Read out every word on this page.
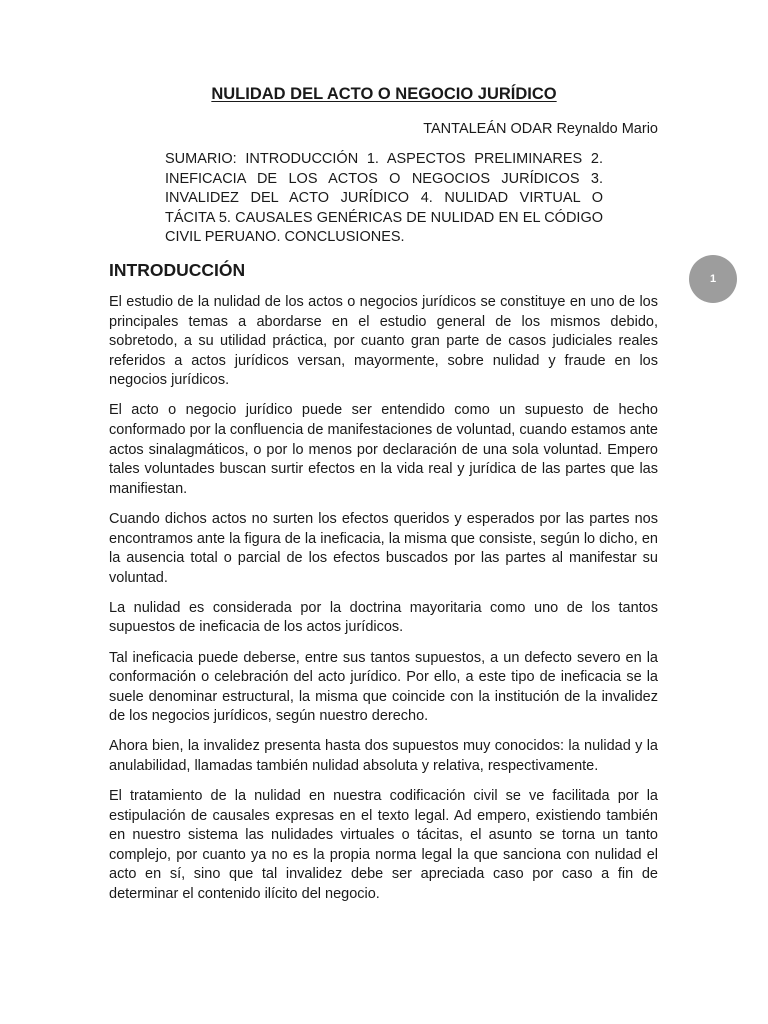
NULIDAD DEL ACTO O NEGOCIO JURÍDICO

TANTALEÁN ODAR Reynaldo Mario

SUMARIO: INTRODUCCIÓN 1. ASPECTOS PRELIMINARES 2. INEFICACIA DE LOS ACTOS O NEGOCIOS JURÍDICOS 3. INVALIDEZ DEL ACTO JURÍDICO 4. NULIDAD VIRTUAL O TÁCITA 5. CAUSALES GENÉRICAS DE NULIDAD EN EL CÓDIGO CIVIL PERUANO. CONCLUSIONES.

INTRODUCCIÓN	1

El estudio de la nulidad de los actos o negocios jurídicos se constituye en uno de los principales temas a abordarse en el estudio general de los mismos debido, sobretodo, a su utilidad práctica, por cuanto gran parte de casos judiciales reales referidos a actos jurídicos versan, mayormente, sobre nulidad y fraude en los negocios jurídicos.

El acto o negocio jurídico puede ser entendido como un supuesto de hecho conformado por la confluencia de manifestaciones de voluntad, cuando estamos ante actos sinalagmáticos, o por lo menos por declaración de una sola voluntad. Empero tales voluntades buscan surtir efectos en la vida real y jurídica de las partes que las manifiestan.

Cuando dichos actos no surten los efectos queridos y esperados por las partes nos encontramos ante la figura de la ineficacia, la misma que consiste, según lo dicho, en la ausencia total o parcial de los efectos buscados por las partes al manifestar su voluntad.

La nulidad es considerada por la doctrina mayoritaria como uno de los tantos supuestos de ineficacia de los actos jurídicos.

Tal ineficacia puede deberse, entre sus tantos supuestos, a un defecto severo en la conformación o celebración del acto jurídico. Por ello, a este tipo de ineficacia se la suele denominar estructural, la misma que coincide con la institución de la invalidez de los negocios jurídicos, según nuestro derecho.

Ahora bien, la invalidez presenta hasta dos supuestos muy conocidos: la nulidad y la anulabilidad, llamadas también nulidad absoluta y relativa, respectivamente.

El tratamiento de la nulidad en nuestra codificación civil se ve facilitada por la estipulación de causales expresas en el texto legal. Ad empero, existiendo también en nuestro sistema las nulidades virtuales o tácitas, el asunto se torna un tanto complejo, por cuanto ya no es la propia norma legal la que sanciona con nulidad el acto en sí, sino que tal invalidez debe ser apreciada caso por caso a fin de determinar el contenido ilícito del negocio.
